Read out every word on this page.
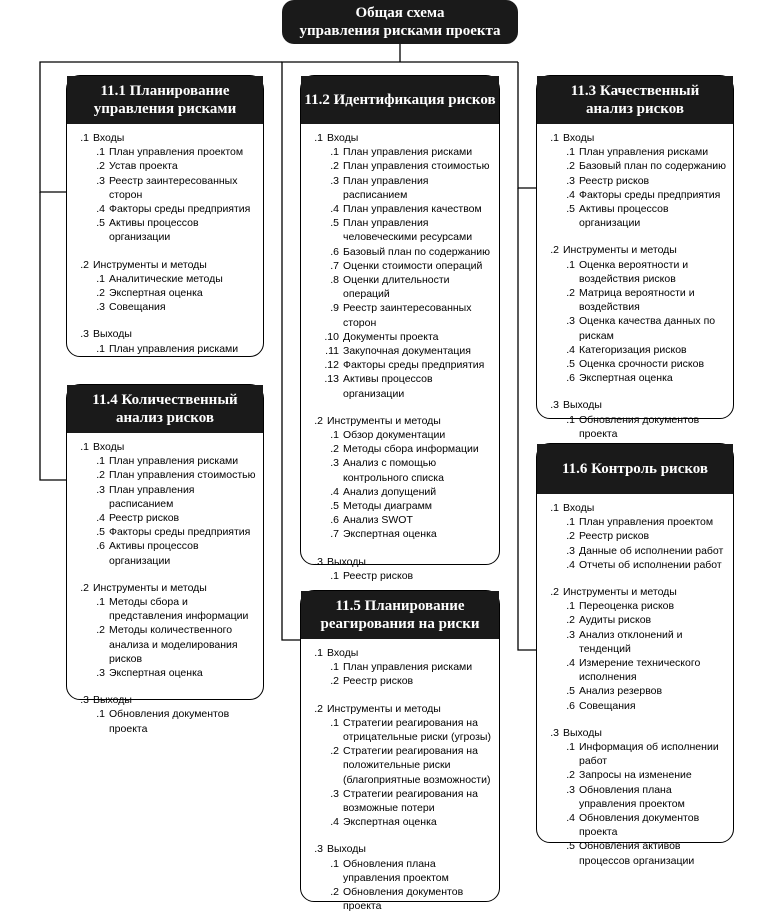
Общая схема
управления рисками проекта
11.1 Планирование
управления рисками
.1 Входы
.1 План управления проектом
.2 Устав проекта
.3 Реестр заинтересованных сторон
.4 Факторы среды предприятия
.5 Активы процессов организации
.2 Инструменты и методы
.1 Аналитические методы
.2 Экспертная оценка
.3 Совещания
.3 Выходы
.1 План управления рисками
11.2 Идентификация рисков
.1 Входы
.1 План управления рисками
.2 План управления стоимостью
.3 План управления расписанием
.4 План управления качеством
.5 План управления человеческими ресурсами
.6 Базовый план по содержанию
.7 Оценки стоимости операций
.8 Оценки длительности операций
.9 Реестр заинтересованных сторон
.10 Документы проекта
.11 Закупочная документация
.12 Факторы среды предприятия
.13 Активы процессов организации
.2 Инструменты и методы
.1 Обзор документации
.2 Методы сбора информации
.3 Анализ с помощью контрольного списка
.4 Анализ допущений
.5 Методы диаграмм
.6 Анализ SWOT
.7 Экспертная оценка
.3 Выходы
.1 Реестр рисков
11.3 Качественный
анализ рисков
.1 Входы
.1 План управления рисками
.2 Базовый план по содержанию
.3 Реестр рисков
.4 Факторы среды предприятия
.5 Активы процессов организации
.2 Инструменты и методы
.1 Оценка вероятности и воздействия рисков
.2 Матрица вероятности и воздействия
.3 Оценка качества данных по рискам
.4 Категоризация рисков
.5 Оценка срочности рисков
.6 Экспертная оценка
.3 Выходы
.1 Обновления документов проекта
11.4 Количественный
анализ рисков
.1 Входы
.1 План управления рисками
.2 План управления стоимостью
.3 План управления расписанием
.4 Реестр рисков
.5 Факторы среды предприятия
.6 Активы процессов организации
.2 Инструменты и методы
.1 Методы сбора и представления информации
.2 Методы количественного анализа и моделирования рисков
.3 Экспертная оценка
.3 Выходы
.1 Обновления документов проекта
11.5 Планирование
реагирования на риски
.1 Входы
.1 План управления рисками
.2 Реестр рисков
.2 Инструменты и методы
.1 Стратегии реагирования на отрицательные риски (угрозы)
.2 Стратегии реагирования на положительные риски (благоприятные возможности)
.3 Стратегии реагирования на возможные потери
.4 Экспертная оценка
.3 Выходы
.1 Обновления плана управления проектом
.2 Обновления документов проекта
11.6 Контроль рисков
.1 Входы
.1 План управления проектом
.2 Реестр рисков
.3 Данные об исполнении работ
.4 Отчеты об исполнении работ
.2 Инструменты и методы
.1 Переоценка рисков
.2 Аудиты рисков
.3 Анализ отклонений и тенденций
.4 Измерение технического исполнения
.5 Анализ резервов
.6 Совещания
.3 Выходы
.1 Информация об исполнении работ
.2 Запросы на изменение
.3 Обновления плана управления проектом
.4 Обновления документов проекта
.5 Обновления активов процессов организации
